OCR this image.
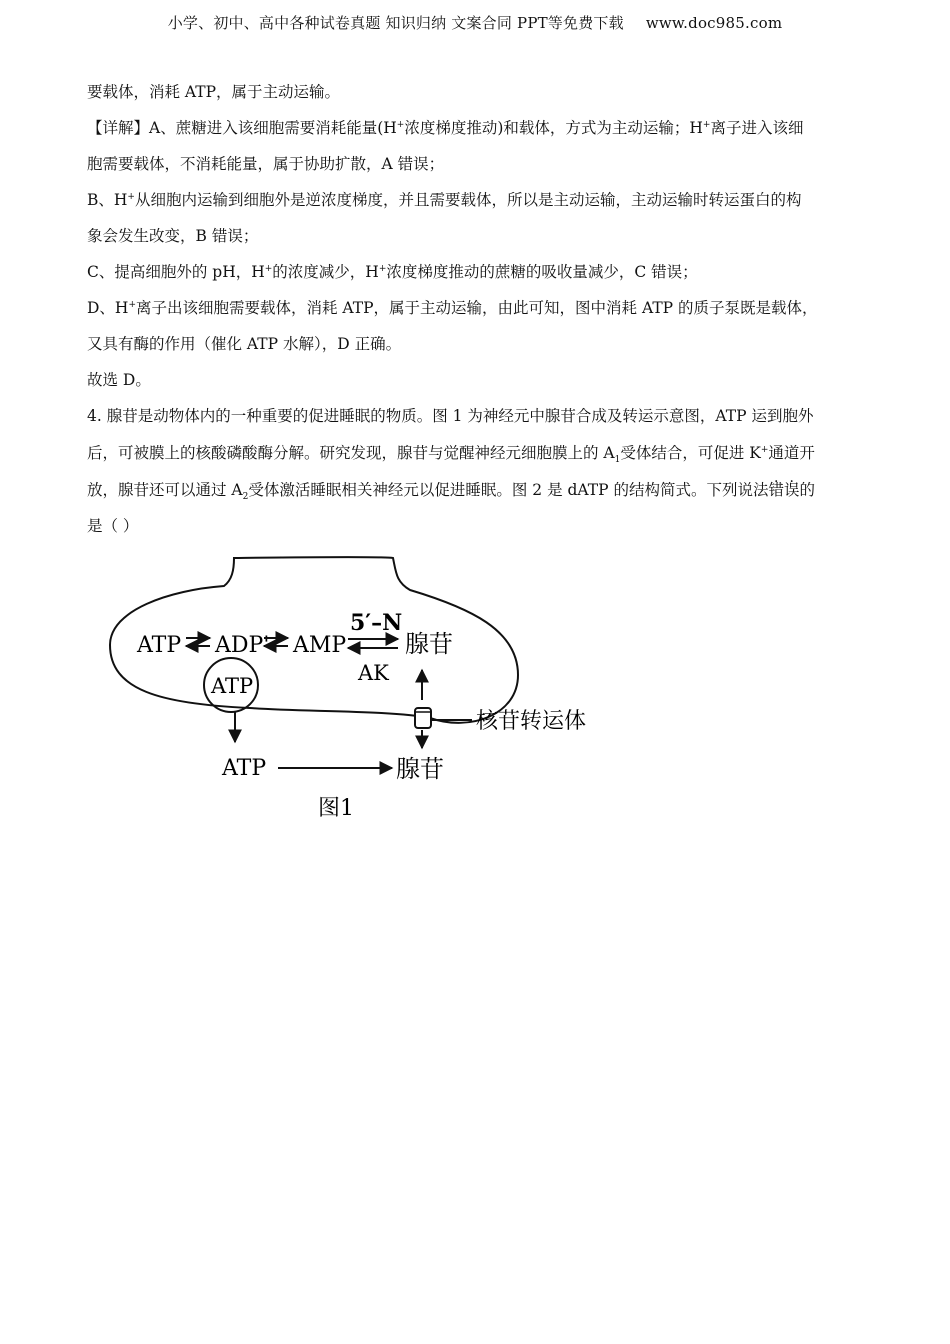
小学、初中、高中各种试卷真题 知识归纳 文案合同 PPT等免费下载 www.doc985.com

要载体，消耗 ATP，属于主动运输。

【详解】A、蔗糖进入该细胞需要消耗能量(H+浓度梯度推动)和载体，方式为主动运输；H+离子进入该细

胞需要载体，不消耗能量，属于协助扩散，A 错误；

B、H+从细胞内运输到细胞外是逆浓度梯度，并且需要载体，所以是主动运输，主动运输时转运蛋白的构

象会发生改变，B 错误；

C、提高细胞外的 pH，H+的浓度减少，H+浓度梯度推动的蔗糖的吸收量减少，C 错误；

D、H+离子出该细胞需要载体，消耗 ATP，属于主动运输，由此可知，图中消耗 ATP 的质子泵既是载体，

又具有酶的作用（催化 ATP 水解），D 正确。

故选 D。

4. 腺苷是动物体内的一种重要的促进睡眠的物质。图 1 为神经元中腺苷合成及转运示意图，ATP 运到胞外

后，可被膜上的核酸磷酸酶分解。研究发现，腺苷与觉醒神经元细胞膜上的 $A_1$受体结合，可促进 K+通道开

放，腺苷还可以通过 $A_2$受体激活睡眠相关神经元以促进睡眠。图 2 是 dATP 的结构简式。下列说法错误的

是（ ）

ATP ADP' AMP
5′–N
AK
腺苷
ATP
核苷转运体
ATP	腺苷
图1
